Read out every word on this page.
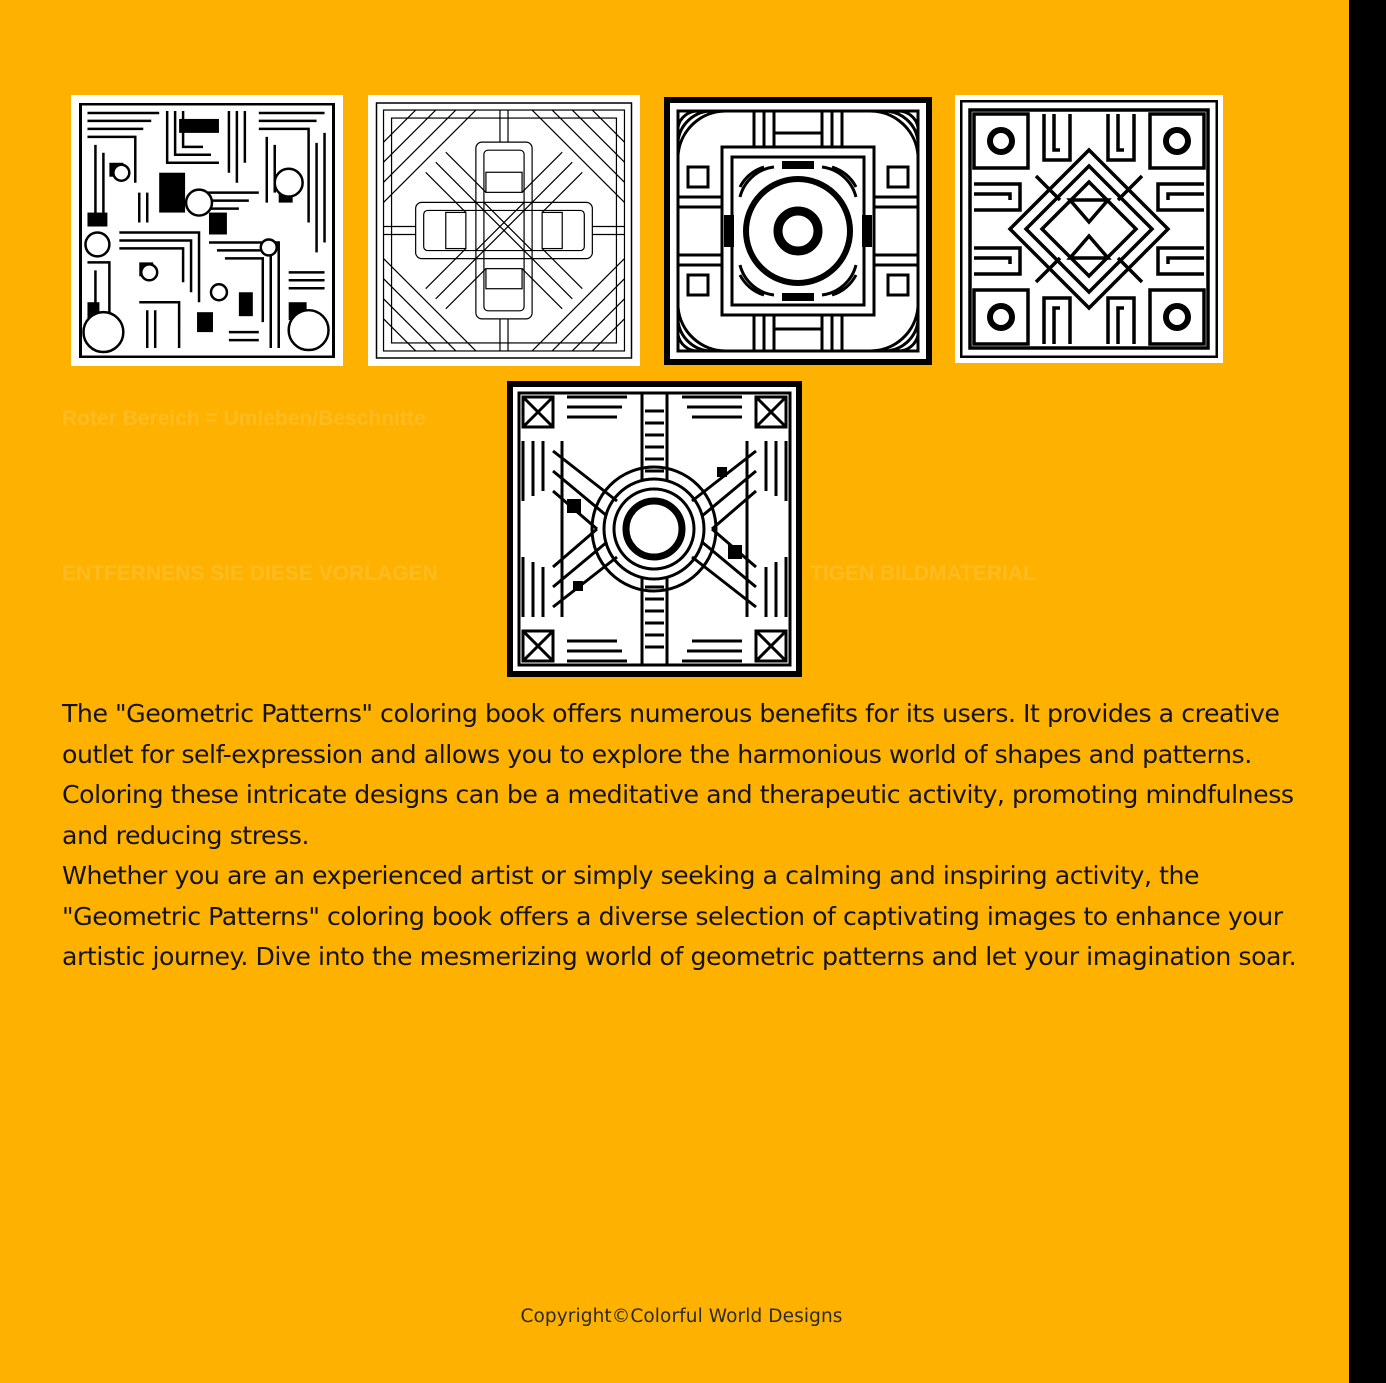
Roter Bereich = Umleben/Beschnitte
ENTFERNENS SIE DIESE VORLAGEN	TIGEN BILDMATERIAL

The "Geometric Patterns" coloring book offers numerous benefits for its users. It provides a creative outlet for self-expression and allows you to explore the harmonious world of shapes and patterns. Coloring these intricate designs can be a meditative and therapeutic activity, promoting mindfulness and reducing stress.

Whether you are an experienced artist or simply seeking a calming and inspiring activity, the "Geometric Patterns" coloring book offers a diverse selection of captivating images to enhance your artistic journey. Dive into the mesmerizing world of geometric patterns and let your imagination soar.

Copyright©Colorful World Designs
